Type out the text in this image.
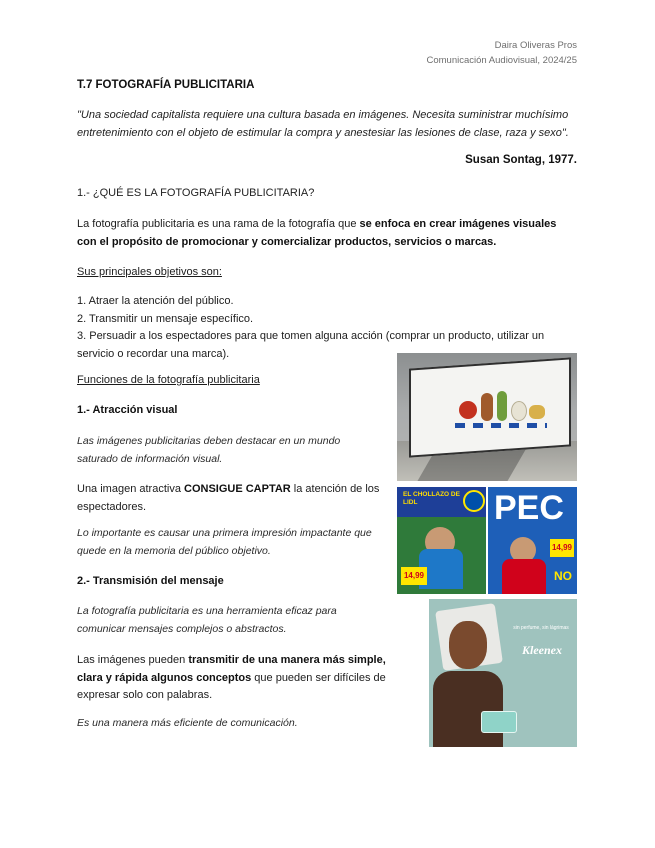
Daira Oliveras Pros
Comunicación Audiovisual, 2024/25
T.7 FOTOGRAFÍA PUBLICITARIA
"Una sociedad capitalista requiere una cultura basada en imágenes. Necesita suministrar muchísimo entretenimiento con el objeto de estimular la compra y anestesiar las lesiones de clase, raza y sexo".
Susan Sontag, 1977.
1.- ¿QUÉ ES LA FOTOGRAFÍA PUBLICITARIA?
La fotografía publicitaria es una rama de la fotografía que se enfoca en crear imágenes visuales con el propósito de promocionar y comercializar productos, servicios o marcas.
Sus principales objetivos son:
1. Atraer la atención del público.
2. Transmitir un mensaje específico.
3. Persuadir a los espectadores para que tomen alguna acción (comprar un producto, utilizar un servicio o recordar una marca).
Funciones de la fotografía publicitaria
1.- Atracción visual
Las imágenes publicitarias deben destacar en un mundo saturado de información visual.
Una imagen atractiva CONSIGUE CAPTAR la atención de los espectadores.
Lo importante es causar una primera impresión impactante que quede en la memoria del público objetivo.
2.- Transmisión del mensaje
La fotografía publicitaria es una herramienta eficaz para comunicar mensajes complejos o abstractos.
Las imágenes pueden transmitir de una manera más simple, clara y rápida algunos conceptos que pueden ser difíciles de expresar solo con palabras.
Es una manera más eficiente de comunicación.
EL CHOLLAZO DE LIDL
14,99
PEC
14,99
NO
sin perfume, sin lágrimas
Kleenex
